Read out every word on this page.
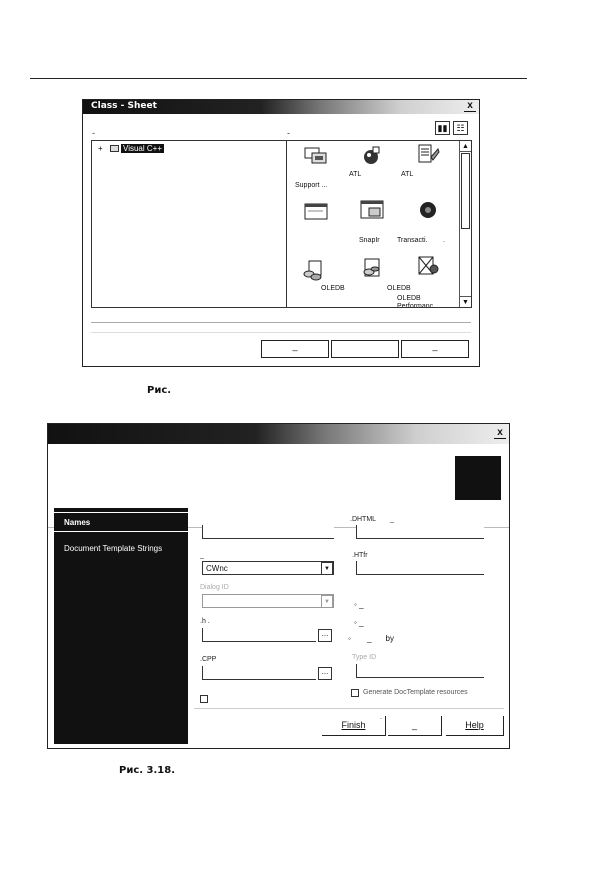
Class - Sheet	x
-	-	▮▮	☷
+	Visual C++
Support ...
ATL	ATL
SnapIr Transacti. .
OLEDB	OLEDB
OLEDB Performanc..
▲
▼
_	_
Рис.
x
Names
Document Template Strings
_
CWnc	▼
Dialog ID
▼
.h .
...
.CPP
...
.DHTML _
.HTfr
◦ _
◦ _
◦ _ by
Type ID
Generate DocTemplate resources
Finish
.
_	Help
Рис. 3.18.
